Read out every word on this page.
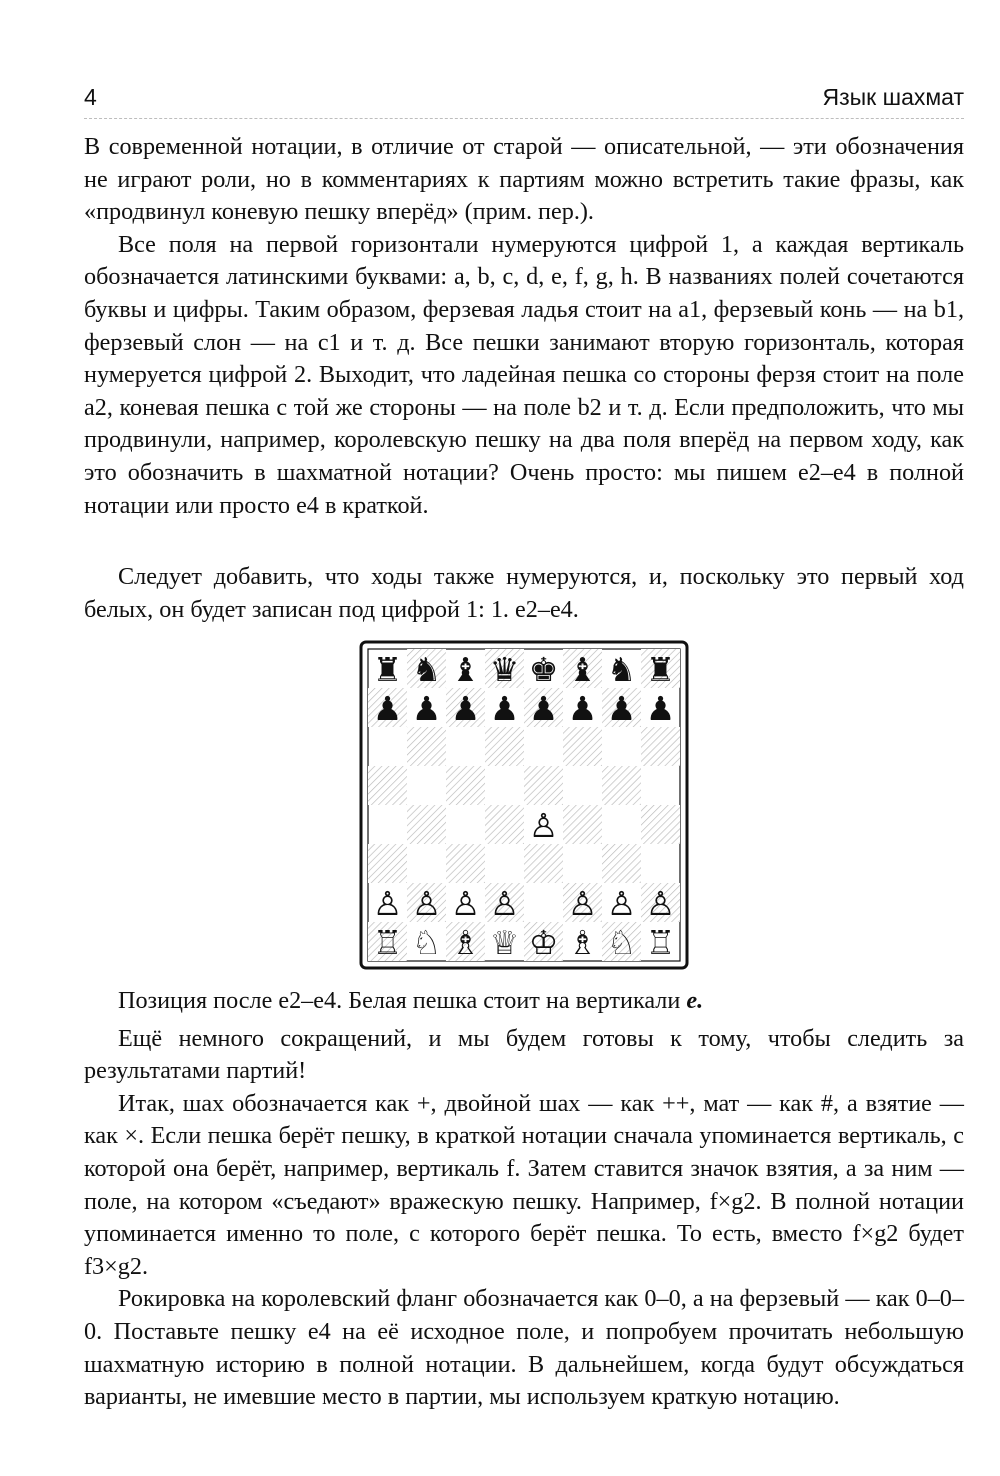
4	Язык шахмат

В современной нотации, в отличие от старой — описательной, — эти обозначения не играют роли, но в комментариях к партиям можно встретить такие фразы, как «продвинул коневую пешку вперёд» (прим. пер.).

Все поля на первой горизонтали нумеруются цифрой 1, а каждая вертикаль обозначается латинскими буквами: a, b, c, d, e, f, g, h. В названиях полей сочетаются буквы и цифры. Таким образом, ферзевая ладья стоит на a1, ферзевый конь — на b1, ферзевый слон — на c1 и т. д. Все пешки занимают вторую горизонталь, которая нумеруется цифрой 2. Выходит, что ладейная пешка со стороны ферзя стоит на поле a2, коневая пешка с той же стороны — на поле b2 и т. д. Если предположить, что мы продвинули, например, королевскую пешку на два поля вперёд на первом ходу, как это обозначить в шахматной нотации? Очень просто: мы пишем e2–e4 в полной нотации или просто e4 в краткой.

Следует добавить, что ходы также нумеруются, и, поскольку это первый ход белых, он будет записан под цифрой 1: 1. e2–e4.

♜ ♞ ♝ ♛ ♚ ♝ ♞ ♜
♟ ♟ ♟ ♟ ♟ ♟ ♟ ♟
♙
♙ ♙ ♙ ♙ ♙ ♙ ♙
♖ ♘ ♗ ♕ ♔ ♗ ♘ ♖

Позиция после e2–e4. Белая пешка стоит на вертикали e.

Ещё немного сокращений, и мы будем готовы к тому, чтобы следить за результатами партий!

Итак, шах обозначается как +, двойной шах — как ++, мат — как #, а взятие — как ×. Если пешка берёт пешку, в краткой нотации сначала упоминается вертикаль, с которой она берёт, например, вертикаль f. Затем ставится значок взятия, а за ним — поле, на котором «съедают» вражескую пешку. Например, f×g2. В полной нотации упоминается именно то поле, с которого берёт пешка. То есть, вместо f×g2 будет f3×g2.

Рокировка на королевский фланг обозначается как 0–0, а на ферзевый — как 0–0–0. Поставьте пешку e4 на её исходное поле, и попробуем прочитать небольшую шахматную историю в полной нотации. В дальнейшем, когда будут обсуждаться варианты, не имевшие место в партии, мы используем краткую нотацию.
